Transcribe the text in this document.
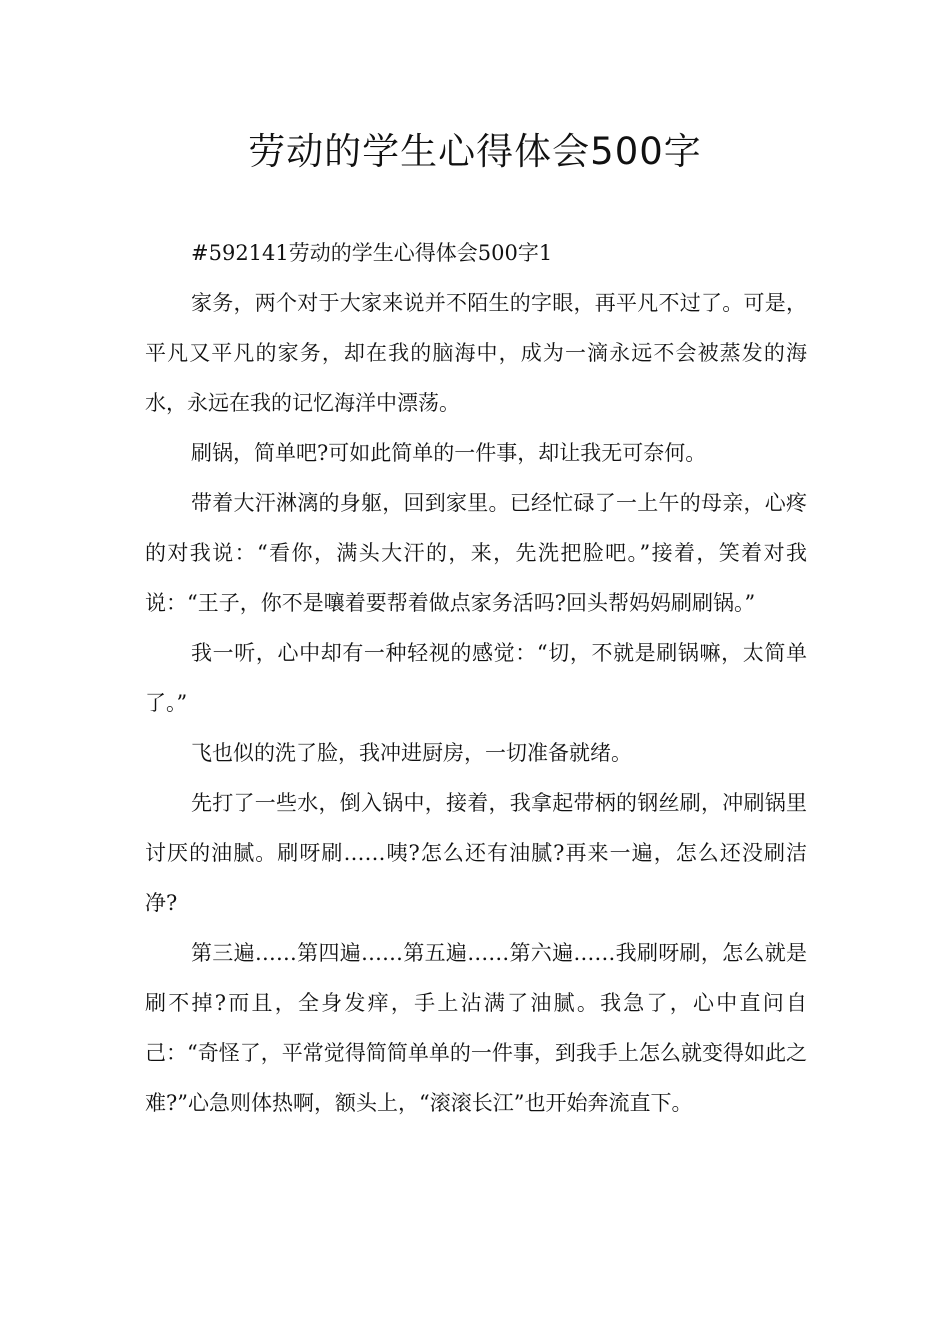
劳动的学生心得体会500字

#592141劳动的学生心得体会500字1

家务，两个对于大家来说并不陌生的字眼，再平凡不过了。可是，平凡又平凡的家务，却在我的脑海中，成为一滴永远不会被蒸发的海水，永远在我的记忆海洋中漂荡。

刷锅，简单吧?可如此简单的一件事，却让我无可奈何。

带着大汗淋漓的身躯，回到家里。已经忙碌了一上午的母亲，心疼的对我说：“看你，满头大汗的，来，先洗把脸吧。”接着，笑着对我说：“王子，你不是嚷着要帮着做点家务活吗?回头帮妈妈刷刷锅。”

我一听，心中却有一种轻视的感觉：“切，不就是刷锅嘛，太简单了。”

飞也似的洗了脸，我冲进厨房，一切准备就绪。

先打了一些水，倒入锅中，接着，我拿起带柄的钢丝刷，冲刷锅里讨厌的油腻。刷呀刷……咦?怎么还有油腻?再来一遍，怎么还没刷洁净?

第三遍……第四遍……第五遍……第六遍……我刷呀刷，怎么就是刷不掉?而且，全身发痒，手上沾满了油腻。我急了，心中直问自己：“奇怪了，平常觉得简简单单的一件事，到我手上怎么就变得如此之难?”心急则体热啊，额头上，“滚滚长江”也开始奔流直下。
